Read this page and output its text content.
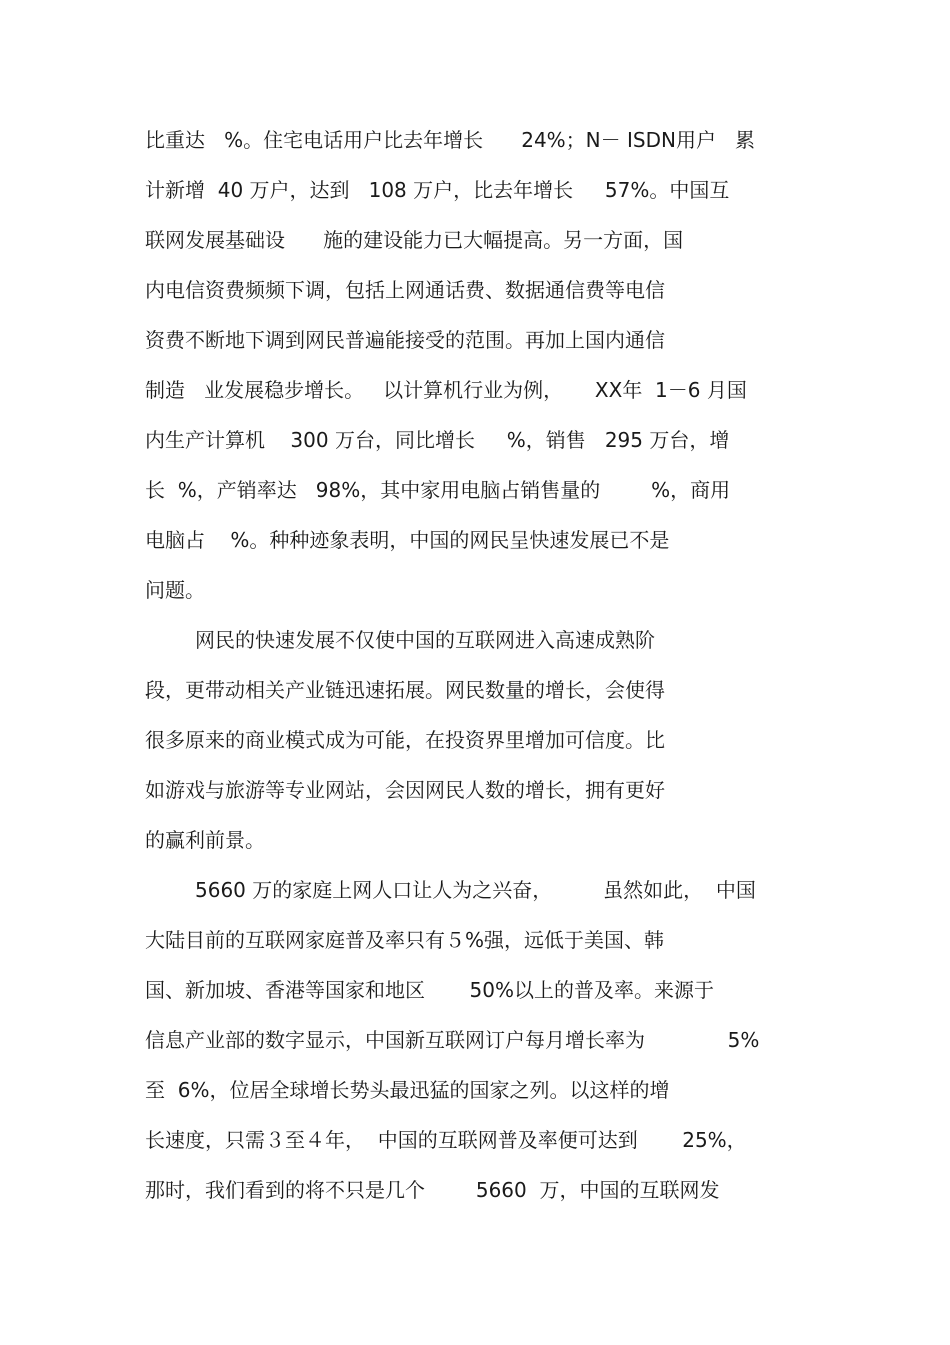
比重达   %。住宅电话用户比去年增长      24%；N－ ISDN用户   累
计新增  40 万户，达到   108 万户，比去年增长     57%。中国互
联网发展基础设      施的建设能力已大幅提高。另一方面，国
内电信资费频频下调，包括上网通话费、数据通信费等电信
资费不断地下调到网民普遍能接受的范围。再加上国内通信
制造   业发展稳步增长。   以计算机行业为例，     XX年  1－6 月国
内生产计算机    300 万台，同比增长     %，销售   295 万台，增
长  %，产销率达   98%，其中家用电脑占销售量的        %，商用
电脑占    %。种种迹象表明，中国的网民呈快速发展已不是
问题。
网民的快速发展不仅使中国的互联网进入高速成熟阶
段，更带动相关产业链迅速拓展。网民数量的增长，会使得
很多原来的商业模式成为可能，在投资界里增加可信度。比
如游戏与旅游等专业网站，会因网民人数的增长，拥有更好
的赢利前景。
5660 万的家庭上网人口让人为之兴奋，        虽然如此，  中国
大陆目前的互联网家庭普及率只有５%强，远低于美国、韩
国、新加坡、香港等国家和地区       50%以上的普及率。来源于
信息产业部的数字显示，中国新互联网订户每月增长率为             5%
至  6%，位居全球增长势头最迅猛的国家之列。以这样的增
长速度，只需３至４年，  中国的互联网普及率便可达到       25%，
那时，我们看到的将不只是几个        5660  万，中国的互联网发
